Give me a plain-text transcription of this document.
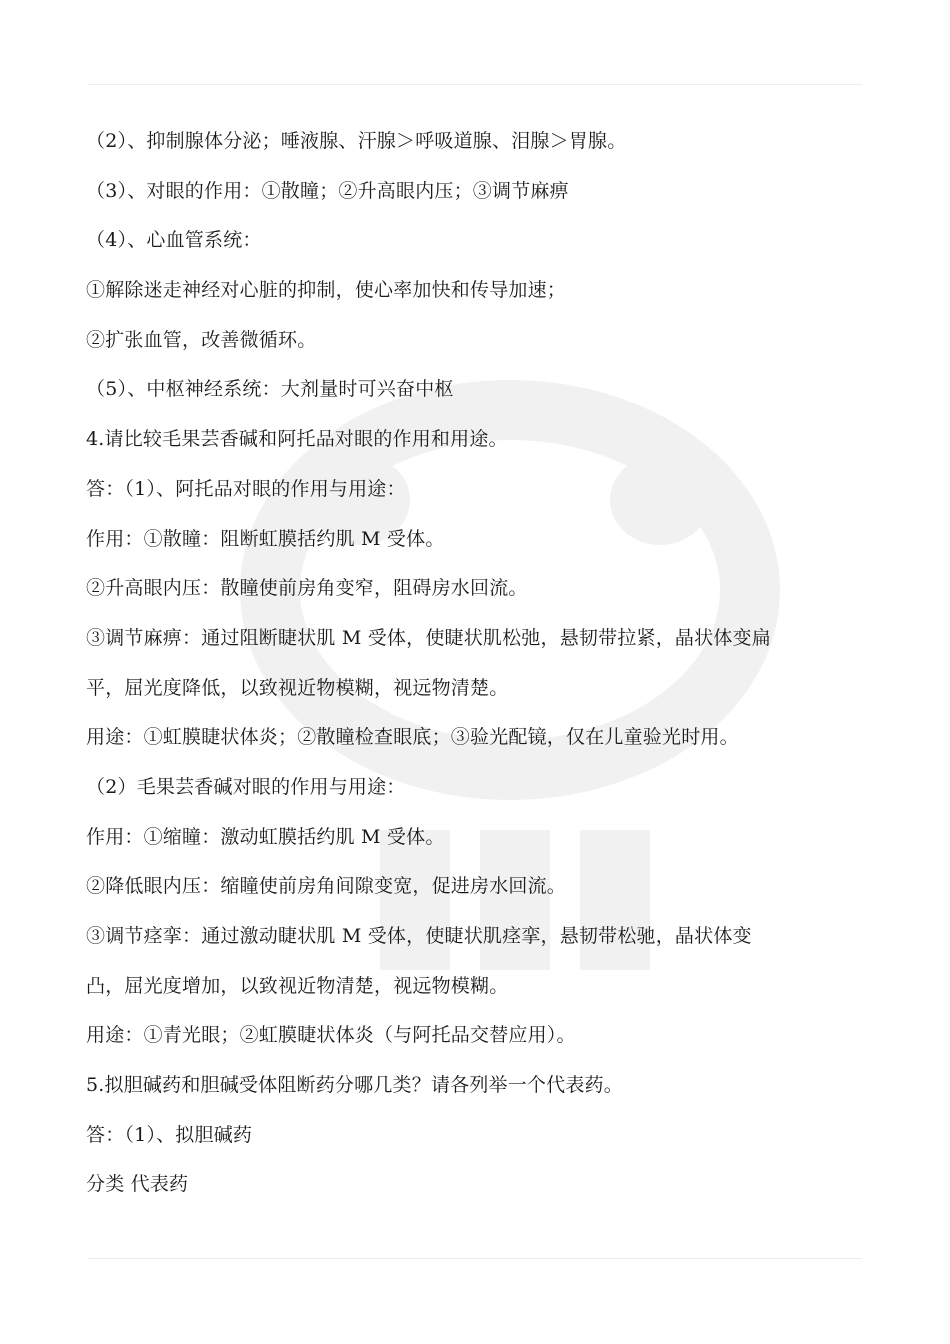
（2）、抑制腺体分泌；唾液腺、汗腺＞呼吸道腺、泪腺＞胃腺。
（3）、对眼的作用：①散瞳；②升高眼内压；③调节麻痹
（4）、心血管系统：
①解除迷走神经对心脏的抑制，使心率加快和传导加速；
②扩张血管，改善微循环。
（5）、中枢神经系统：大剂量时可兴奋中枢
4.请比较毛果芸香碱和阿托品对眼的作用和用途。
答：（1）、阿托品对眼的作用与用途：
作用：①散瞳：阻断虹膜括约肌 M 受体。
②升高眼内压：散瞳使前房角变窄，阻碍房水回流。
③调节麻痹：通过阻断睫状肌 M 受体，使睫状肌松弛，悬韧带拉紧，晶状体变扁
平，屈光度降低，以致视近物模糊，视远物清楚。
用途：①虹膜睫状体炎；②散瞳检查眼底；③验光配镜，仅在儿童验光时用。
（2）毛果芸香碱对眼的作用与用途：
作用：①缩瞳：激动虹膜括约肌 M 受体。
②降低眼内压：缩瞳使前房角间隙变宽，促进房水回流。
③调节痉挛：通过激动睫状肌 M 受体，使睫状肌痉挛，悬韧带松驰，晶状体变
凸，屈光度增加，以致视近物清楚，视远物模糊。
用途：①青光眼；②虹膜睫状体炎（与阿托品交替应用）。
5.拟胆碱药和胆碱受体阻断药分哪几类？请各列举一个代表药。
答：（1）、拟胆碱药
分类 代表药
